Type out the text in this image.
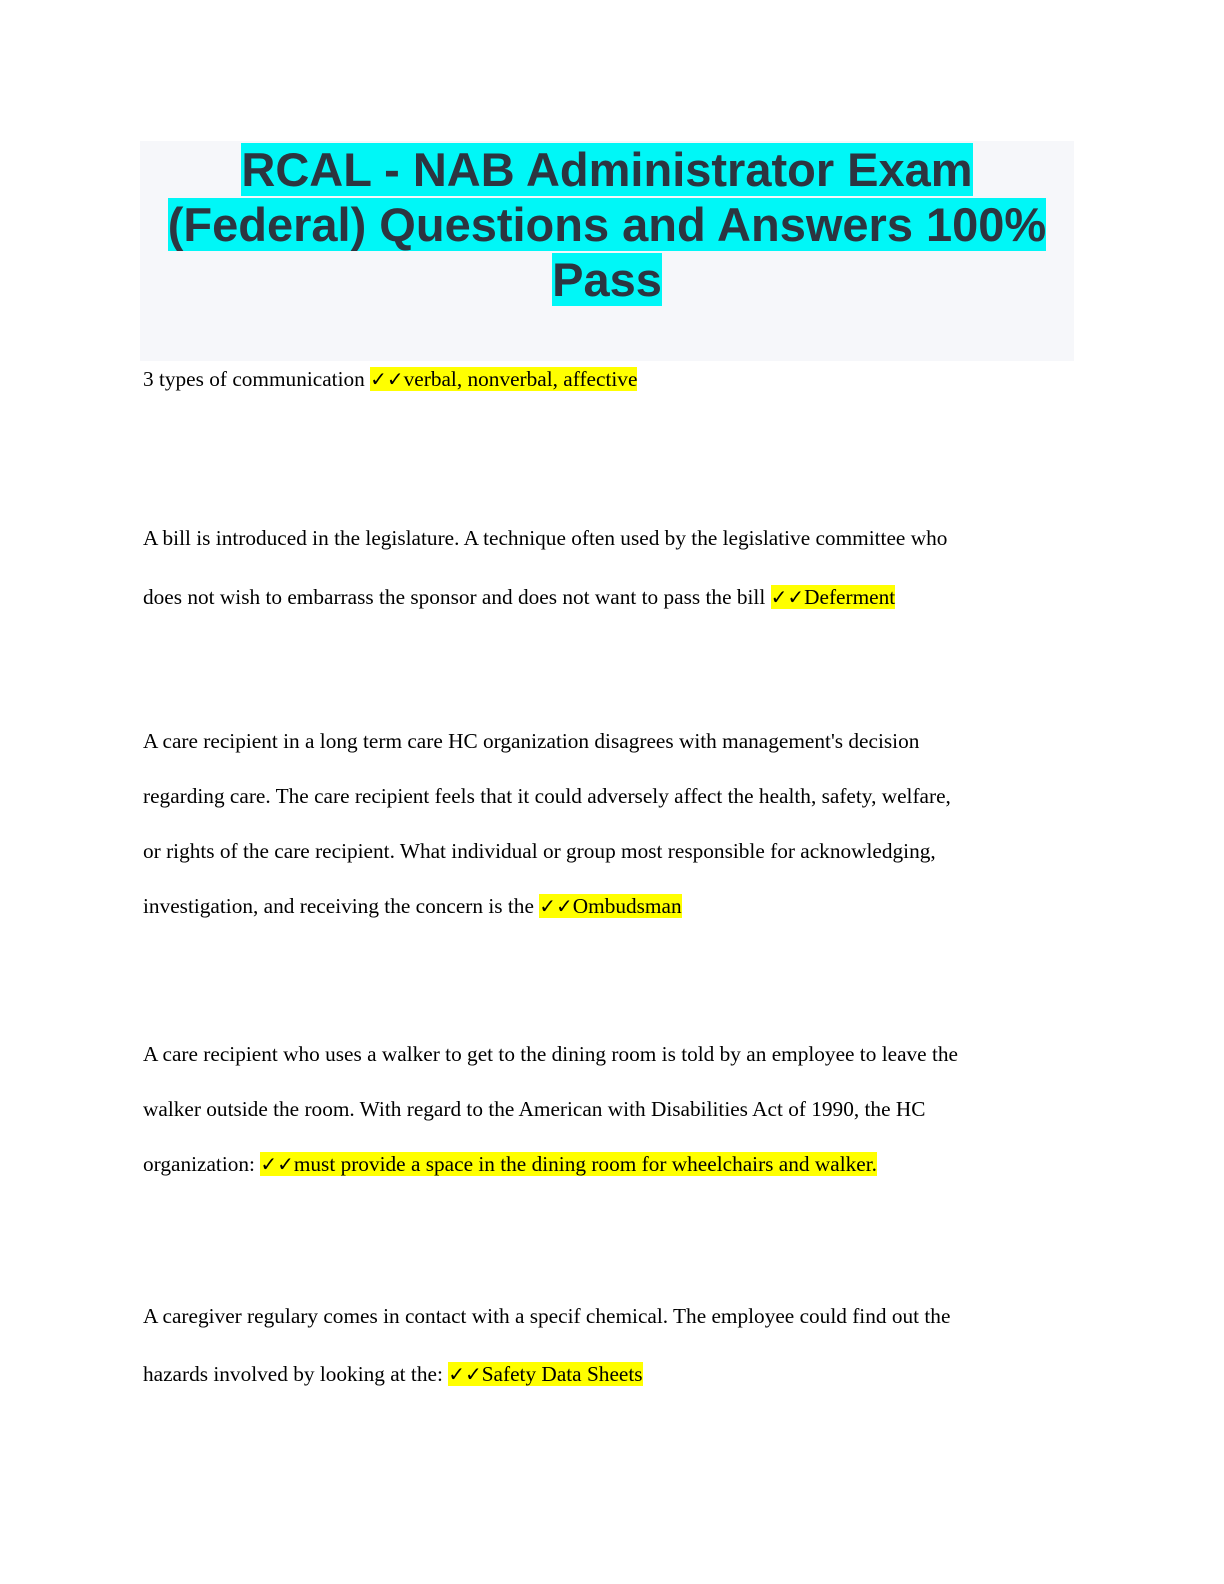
RCAL - NAB Administrator Exam
(Federal) Questions and Answers 100%
Pass

3 types of communication ✓✓verbal, nonverbal, affective

A bill is introduced in the legislature. A technique often used by the legislative committee who
does not wish to embarrass the sponsor and does not want to pass the bill ✓✓Deferment

A care recipient in a long term care HC organization disagrees with management's decision
regarding care. The care recipient feels that it could adversely affect the health, safety, welfare,
or rights of the care recipient. What individual or group most responsible for acknowledging,
investigation, and receiving the concern is the ✓✓Ombudsman

A care recipient who uses a walker to get to the dining room is told by an employee to leave the
walker outside the room. With regard to the American with Disabilities Act of 1990, the HC
organization: ✓✓must provide a space in the dining room for wheelchairs and walker.

A caregiver regulary comes in contact with a specif chemical. The employee could find out the
hazards involved by looking at the: ✓✓Safety Data Sheets
